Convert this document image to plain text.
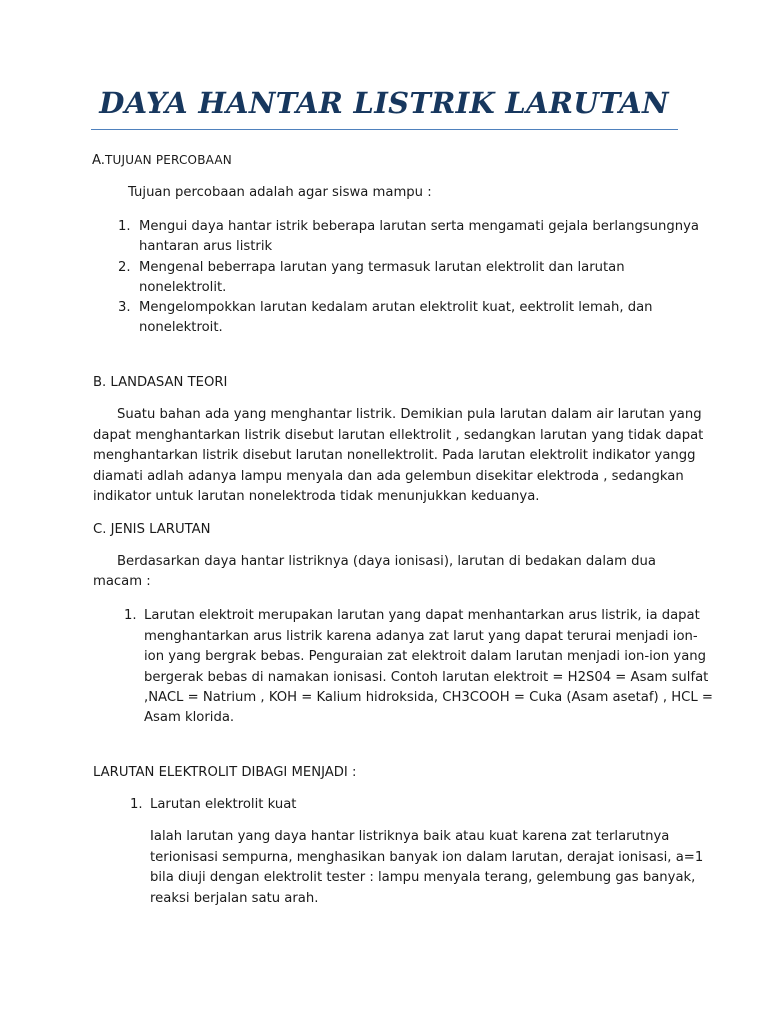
DAYA HANTAR LISTRIK LARUTAN
A.TUJUAN PERCOBAAN
Tujuan percobaan adalah agar siswa mampu :
1. Mengui daya hantar istrik beberapa larutan serta mengamati gejala berlangsungnya
hantaran arus listrik
2. Mengenal beberrapa larutan yang termasuk larutan elektrolit dan larutan
nonelektrolit.
3. Mengelompokkan larutan kedalam arutan elektrolit kuat, eektrolit lemah, dan
nonelektroit.
B. LANDASAN TEORI
Suatu bahan ada yang menghantar listrik. Demikian pula larutan dalam air larutan yang
dapat menghantarkan listrik disebut larutan ellektrolit , sedangkan larutan yang tidak dapat
menghantarkan listrik disebut larutan nonellektrolit. Pada larutan elektrolit indikator yangg
diamati adlah adanya lampu menyala dan ada gelembun disekitar elektroda , sedangkan
indikator untuk larutan nonelektroda tidak menunjukkan keduanya.
C. JENIS LARUTAN
Berdasarkan daya hantar listriknya (daya ionisasi), larutan di bedakan dalam dua
macam :
1. Larutan elektroit merupakan larutan yang dapat menhantarkan arus listrik, ia dapat
menghantarkan arus listrik karena adanya zat larut yang dapat terurai menjadi ion-
ion yang bergrak bebas. Penguraian zat elektroit dalam larutan menjadi ion-ion yang
bergerak bebas di namakan ionisasi. Contoh larutan elektroit = H2S04 = Asam sulfat
,NACL = Natrium , KOH = Kalium hidroksida, CH3COOH = Cuka (Asam asetaf) , HCL =
Asam klorida.
LARUTAN ELEKTROLIT DIBAGI MENJADI :
1. Larutan elektrolit kuat
Ialah larutan yang daya hantar listriknya baik atau kuat karena zat terlarutnya
terionisasi sempurna, menghasikan banyak ion dalam larutan, derajat ionisasi, a=1
bila diuji dengan elektrolit tester : lampu menyala terang, gelembung gas banyak,
reaksi berjalan satu arah.
